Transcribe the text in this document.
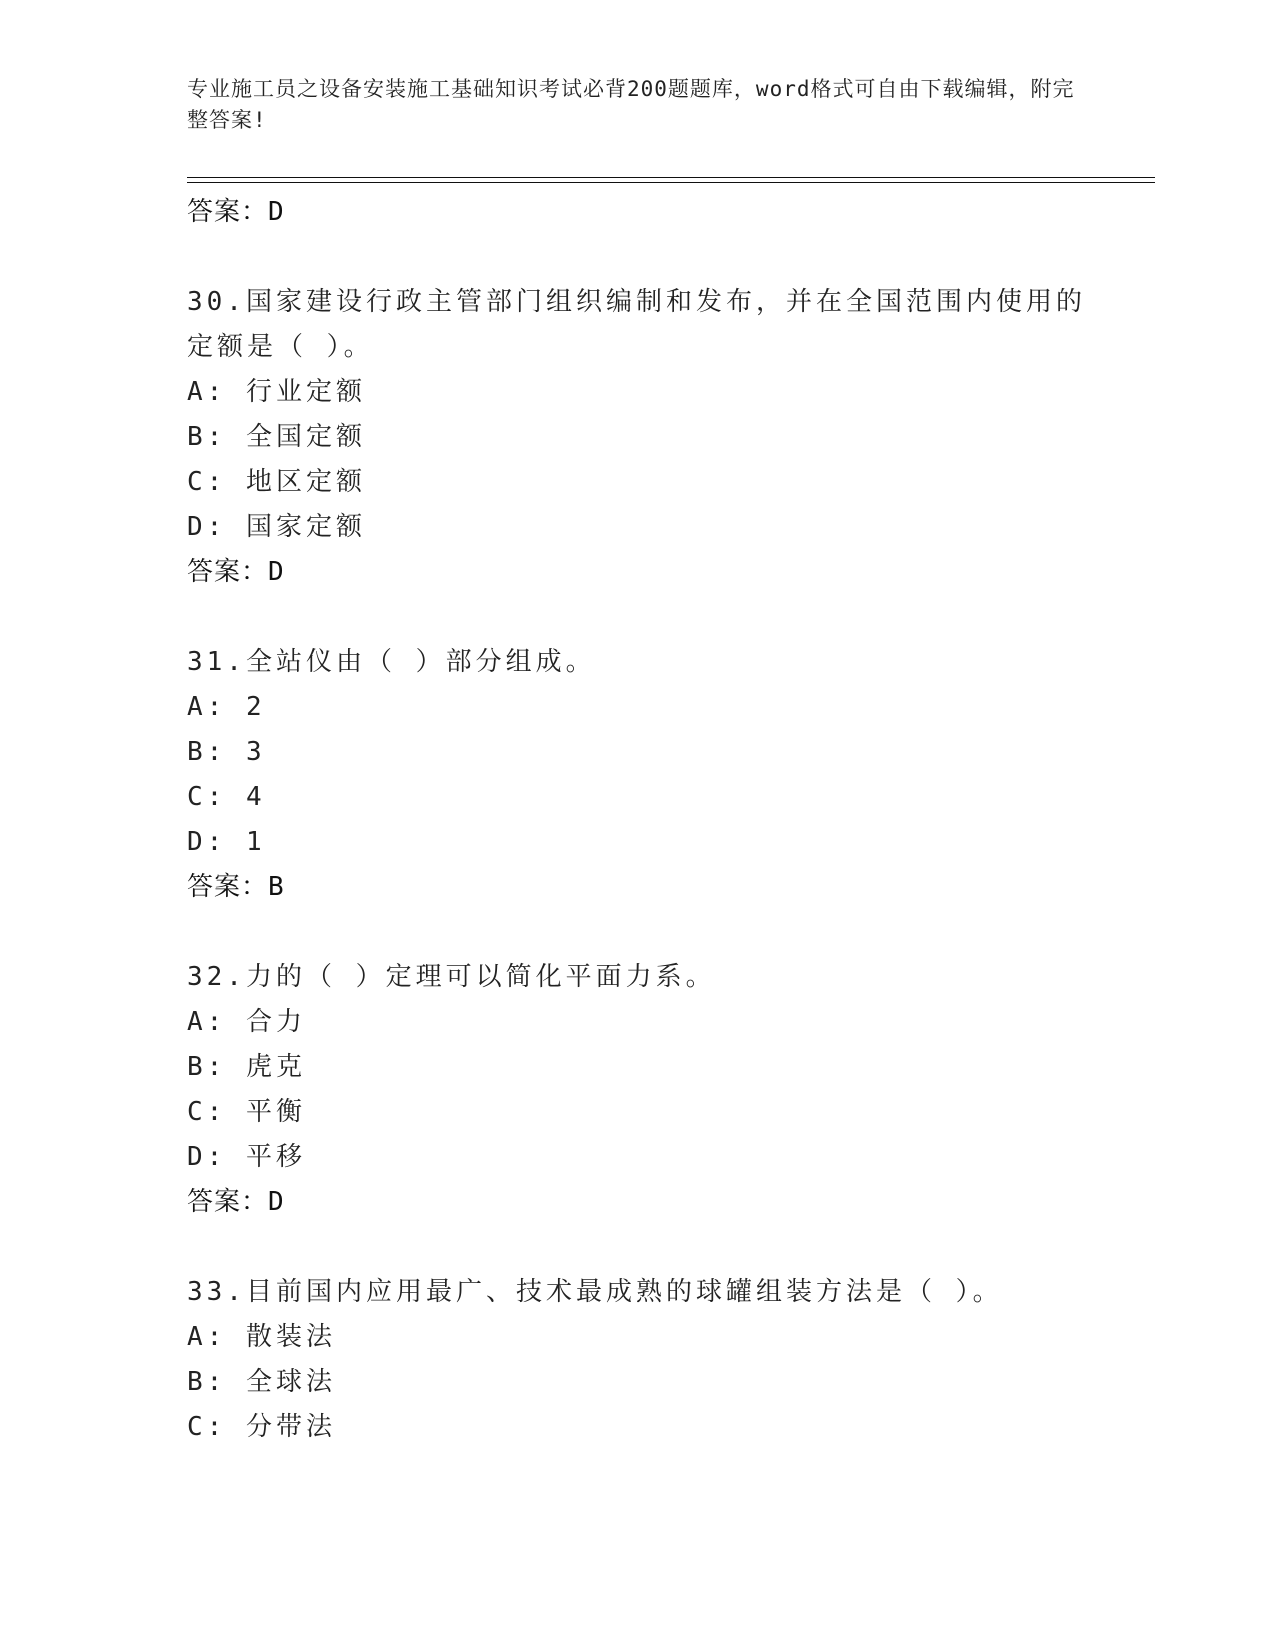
专业施工员之设备安装施工基础知识考试必背200题题库，word格式可自由下载编辑，附完整答案!
答案：D
30.国家建设行政主管部门组织编制和发布，并在全国范围内使用的定额是（ ）。
A: 行业定额
B: 全国定额
C: 地区定额
D: 国家定额
答案：D
31.全站仪由（ ）部分组成。
A: 2
B: 3
C: 4
D: 1
答案：B
32.力的（ ）定理可以简化平面力系。
A: 合力
B: 虎克
C: 平衡
D: 平移
答案：D
33.目前国内应用最广、技术最成熟的球罐组装方法是（ ）。
A: 散装法
B: 全球法
C: 分带法
